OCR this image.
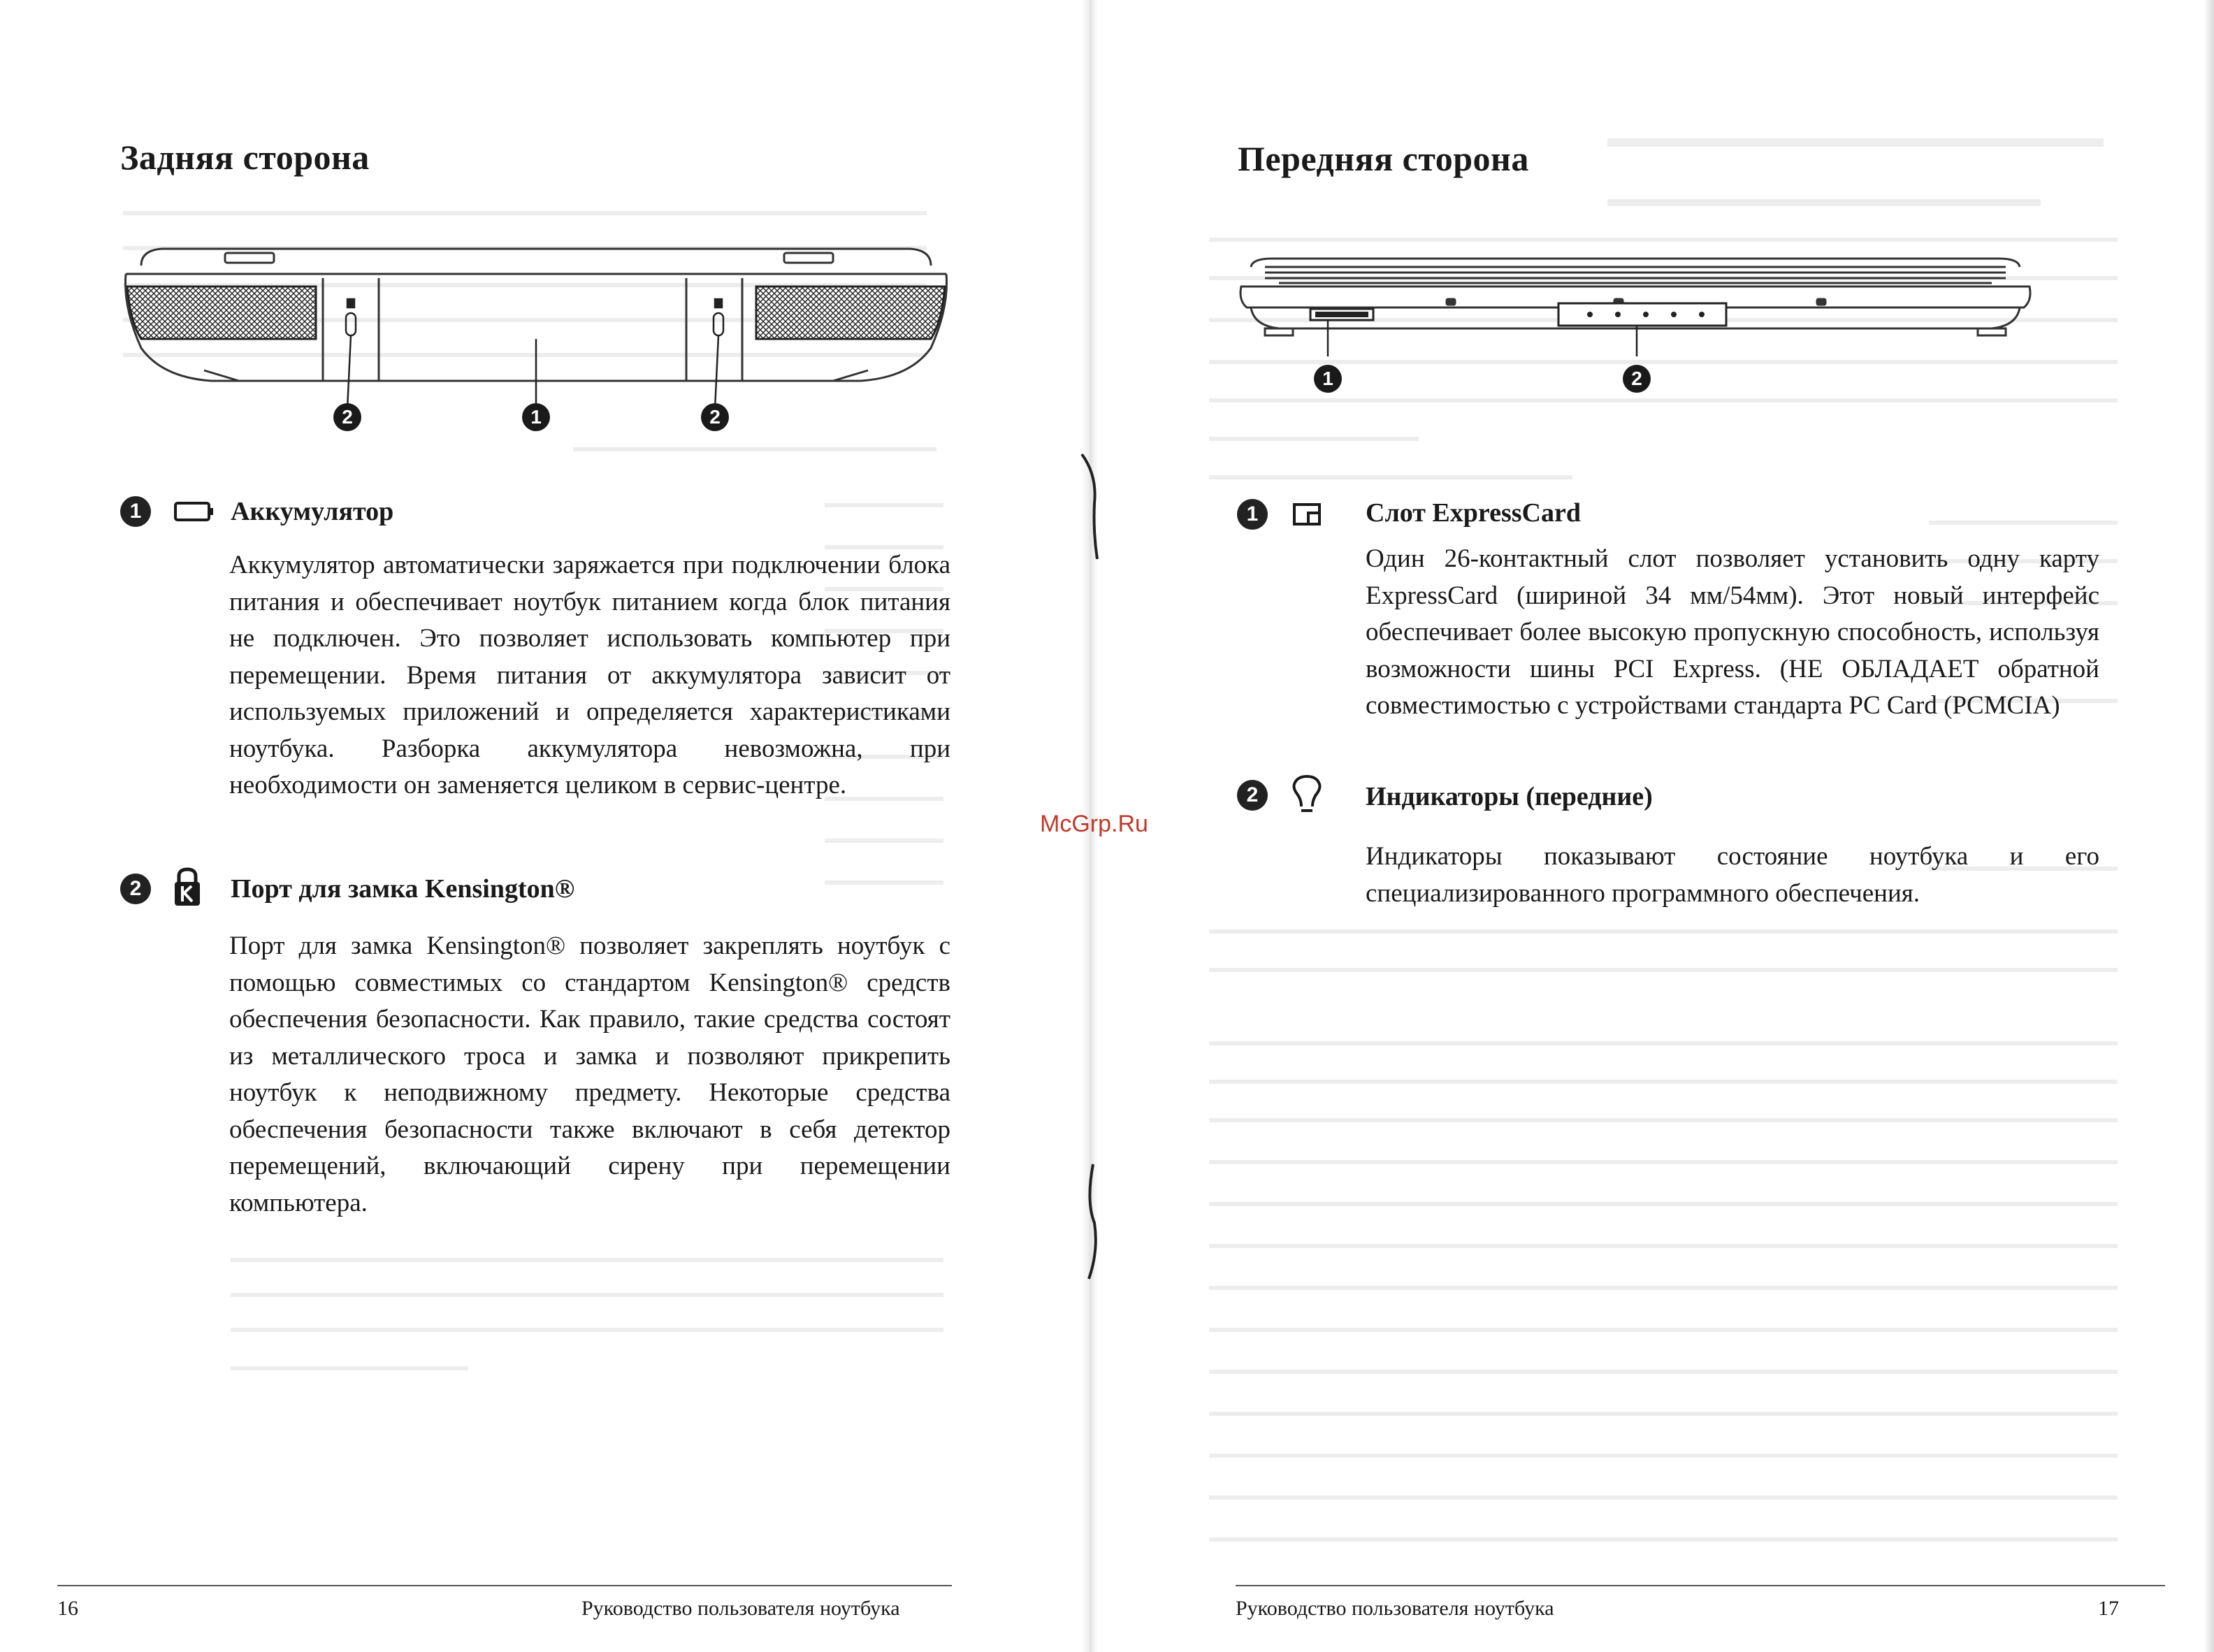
Задняя сторона
2	1	2
1	Аккумулятор

Аккумулятор автоматически заряжается при подключении блока питания и обеспечивает ноутбук питанием когда блок питания не подключен. Это позволяет использовать компьютер при перемещении. Время питания от аккумулятора зависит от используемых приложений и определяется характеристиками ноутбука. Разборка аккумулятора невозможна, при необходимости он заменяется целиком в сервис-центре.

2	Порт для замка Kensington®

Порт для замка Kensington® позволяет закреплять ноутбук с помощью совместимых со стандартом Kensington® средств обеспечения безопасности. Как правило, такие средства состоят из металлического троса и замка и позволяют прикрепить ноутбук к неподвижному предмету. Некоторые средства обеспечения безопасности также включают в себя детектор перемещений, включающий сирену при перемещении компьютера.

16	Руководство пользователя ноутбука
McGrp.Ru
Передняя сторона
1	2
1	Слот ExpressCard

Один 26-контактный слот позволяет установить одну карту ExpressCard (шириной 34 мм/54мм). Этот новый интерфейс обеспечивает более высокую пропускную способность, используя возможности шины PCI Express. (НЕ ОБЛАДАЕТ обратной совместимостью с устройствами стандарта PC Card (PCMCIA)

2	Индикаторы (передние)

Индикаторы показывают состояние ноутбука и его специализированного программного обеспечения.

Руководство пользователя ноутбука	17
